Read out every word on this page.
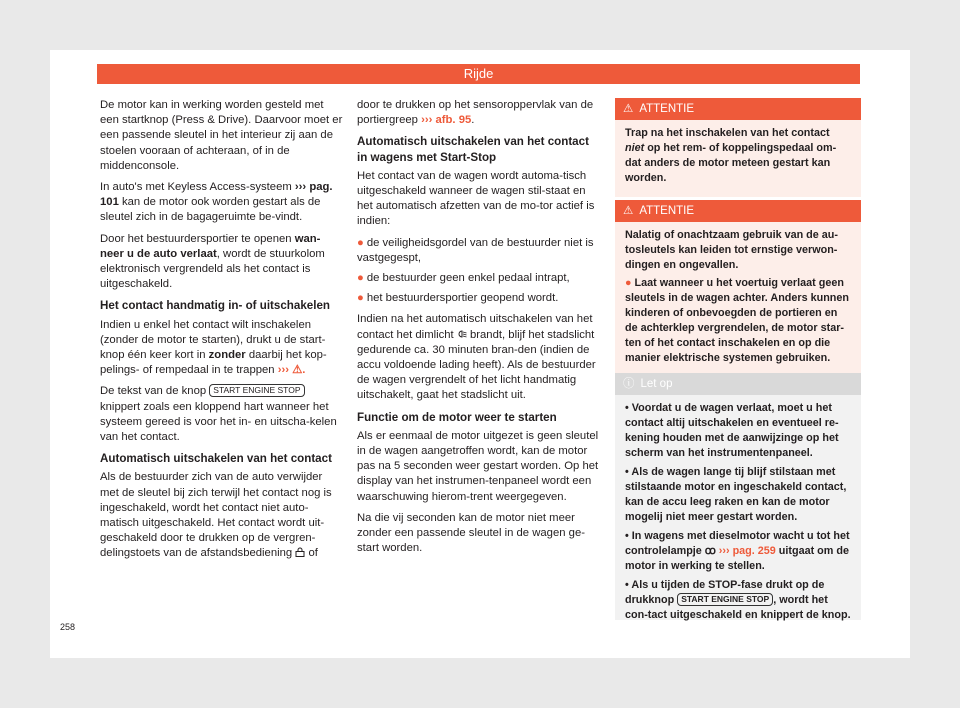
Rijde

De motor kan in werking worden gesteld met een startknop (Press & Drive). Daarvoor moet er een passende sleutel in het interieur zij aan de stoelen vooraan of achteraan, of in de middenconsole.

In auto's met Keyless Access-systeem ››› pag. 101 kan de motor ook worden gestart als de sleutel zich in de bagageruimte be-vindt.

Door het bestuurdersportier te openen wan-neer u de auto verlaat, wordt de stuurkolom elektronisch vergrendeld als het contact is uitgeschakeld.

Het contact handmatig in- of uitschakelen

Indien u enkel het contact wilt inschakelen (zonder de motor te starten), drukt u de start-knop één keer kort in zonder daarbij het kop-pelings- of rempedaal in te trappen ››› ⚠.

De tekst van de knop START ENGINE STOP knippert zoals een kloppend hart wanneer het systeem gereed is voor het in- en uitscha-kelen van het contact.

Automatisch uitschakelen van het contact

Als de bestuurder zich van de auto verwijder met de sleutel bij zich terwijl het contact nog is ingeschakeld, wordt het contact niet auto-matisch uitgeschakeld. Het contact wordt uit-geschakeld door te drukken op de vergren-delingstoets van de afstandsbediening of

door te drukken op het sensoroppervlak van de portiergreep ››› afb. 95.

Automatisch uitschakelen van het contact in wagens met Start-Stop

Het contact van de wagen wordt automa-tisch uitgeschakeld wanneer de wagen stil-staat en het automatisch afzetten van de mo-tor actief is indien:

● de veiligheidsgordel van de bestuurder niet is vastgegespt,
● de bestuurder geen enkel pedaal intrapt,
● het bestuurdersportier geopend wordt.

Indien na het automatisch uitschakelen van het contact het dimlicht brandt, blijf het stadslicht gedurende ca. 30 minuten bran-den (indien de accu voldoende lading heeft). Als de bestuurder de wagen vergrendelt of het licht handmatig uitschakelt, gaat het stadslicht uit.

Functie om de motor weer te starten

Als er eenmaal de motor uitgezet is geen sleutel in de wagen aangetroffen wordt, kan de motor pas na 5 seconden weer gestart worden. Op het display van het instrumen-tenpaneel wordt een waarschuwing hierom-trent weergegeven.

Na die vij seconden kan de motor niet meer zonder een passende sleutel in de wagen ge-start worden.

⚠ ATTENTIE

Trap na het inschakelen van het contact niet op het rem- of koppelingspedaal om-dat anders de motor meteen gestart kan worden.

⚠ ATTENTIE

Nalatig of onachtzaam gebruik van de au-tosleutels kan leiden tot ernstige verwon-dingen en ongevallen.

● Laat wanneer u het voertuig verlaat geen sleutels in de wagen achter. Anders kunnen kinderen of onbevoegden de portieren en de achterklep vergrendelen, de motor star-ten of het contact inschakelen en op die manier elektrische systemen gebruiken.

ⓘ Let op

• Voordat u de wagen verlaat, moet u het contact altij uitschakelen en eventueel re-kening houden met de aanwijzinge op het scherm van het instrumentenpaneel.

• Als de wagen lange tij blijf stilstaan met stilstaande motor en ingeschakeld contact, kan de accu leeg raken en kan de motor mogelij niet meer gestart worden.

• In wagens met dieselmotor wacht u tot het controlelampje ꝏ ››› pag. 259 uitgaat om de motor in werking te stellen.

• Als u tijden de STOP-fase drukt op de drukknop START ENGINE STOP , wordt het con-tact uitgeschakeld en knippert de knop.

258
